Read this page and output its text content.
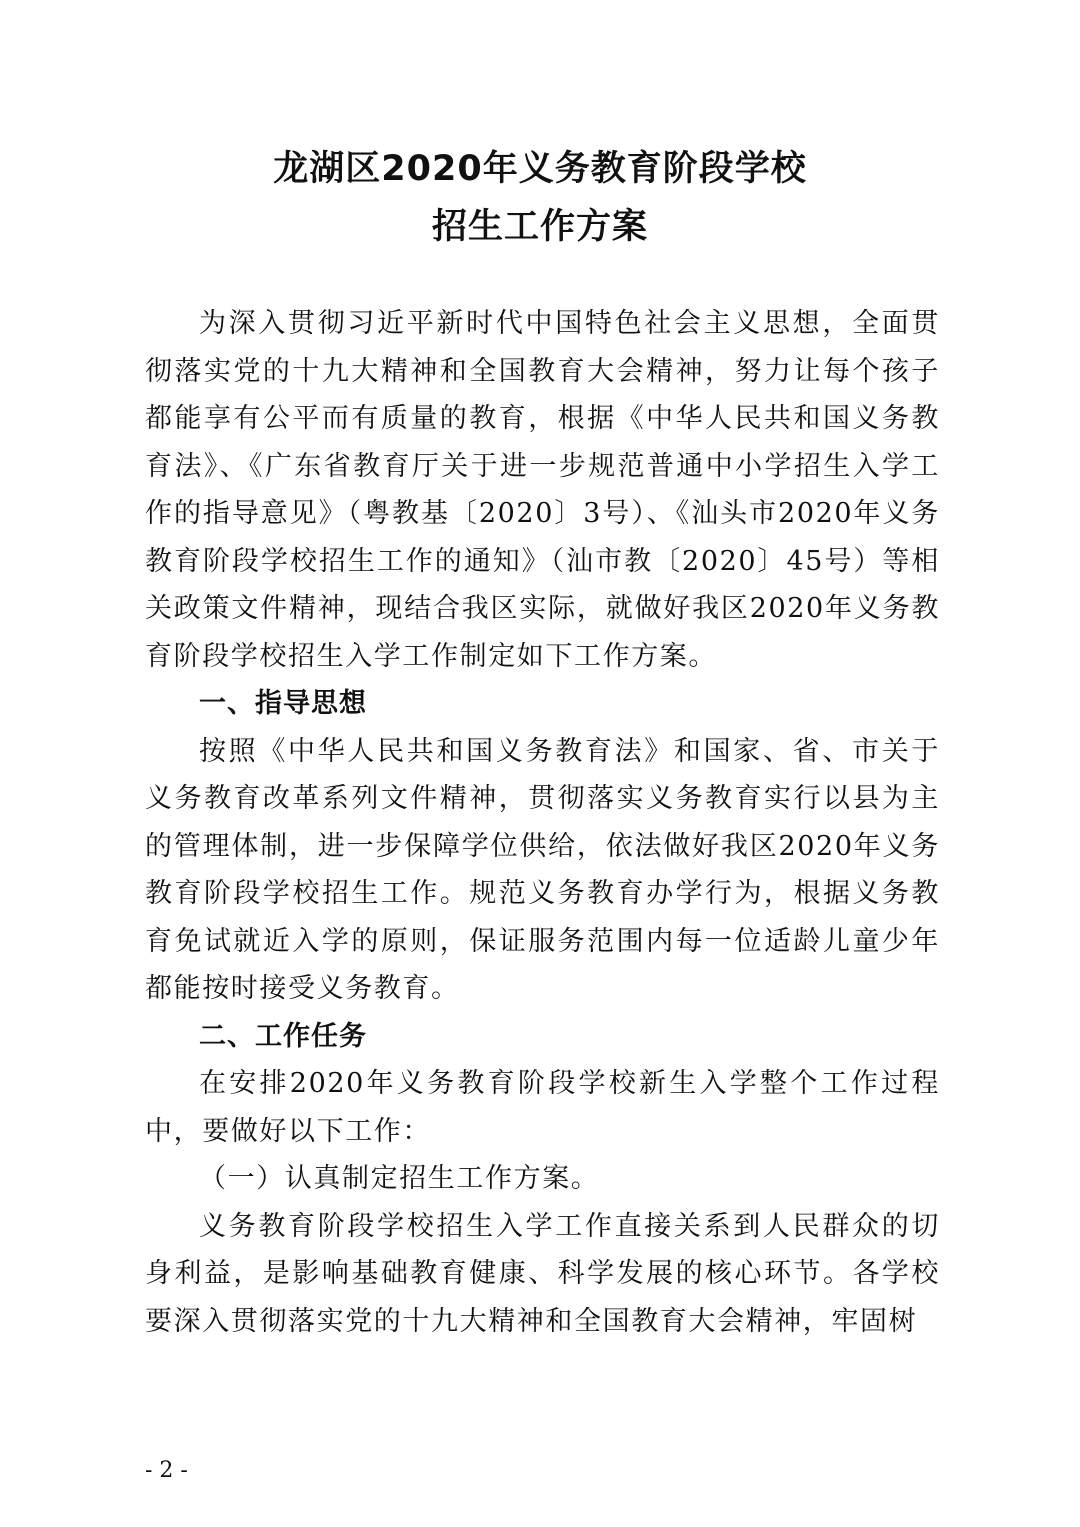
龙湖区2020年义务教育阶段学校

招生工作方案

为深入贯彻习近平新时代中国特色社会主义思想，全面贯彻落实党的十九大精神和全国教育大会精神，努力让每个孩子都能享有公平而有质量的教育，根据《中华人民共和国义务教育法》、《广东省教育厅关于进一步规范普通中小学招生入学工作的指导意见》（粤教基〔2020〕3号）、《汕头市2020年义务教育阶段学校招生工作的通知》（汕市教〔2020〕45号）等相关政策文件精神，现结合我区实际，就做好我区2020年义务教育阶段学校招生入学工作制定如下工作方案。

一、指导思想

按照《中华人民共和国义务教育法》和国家、省、市关于义务教育改革系列文件精神，贯彻落实义务教育实行以县为主的管理体制，进一步保障学位供给，依法做好我区2020年义务教育阶段学校招生工作。规范义务教育办学行为，根据义务教育免试就近入学的原则，保证服务范围内每一位适龄儿童少年都能按时接受义务教育。

二、工作任务

在安排2020年义务教育阶段学校新生入学整个工作过程中，要做好以下工作：

（一）认真制定招生工作方案。

义务教育阶段学校招生入学工作直接关系到人民群众的切身利益，是影响基础教育健康、科学发展的核心环节。各学校要深入贯彻落实党的十九大精神和全国教育大会精神，牢固树

- 2 -
